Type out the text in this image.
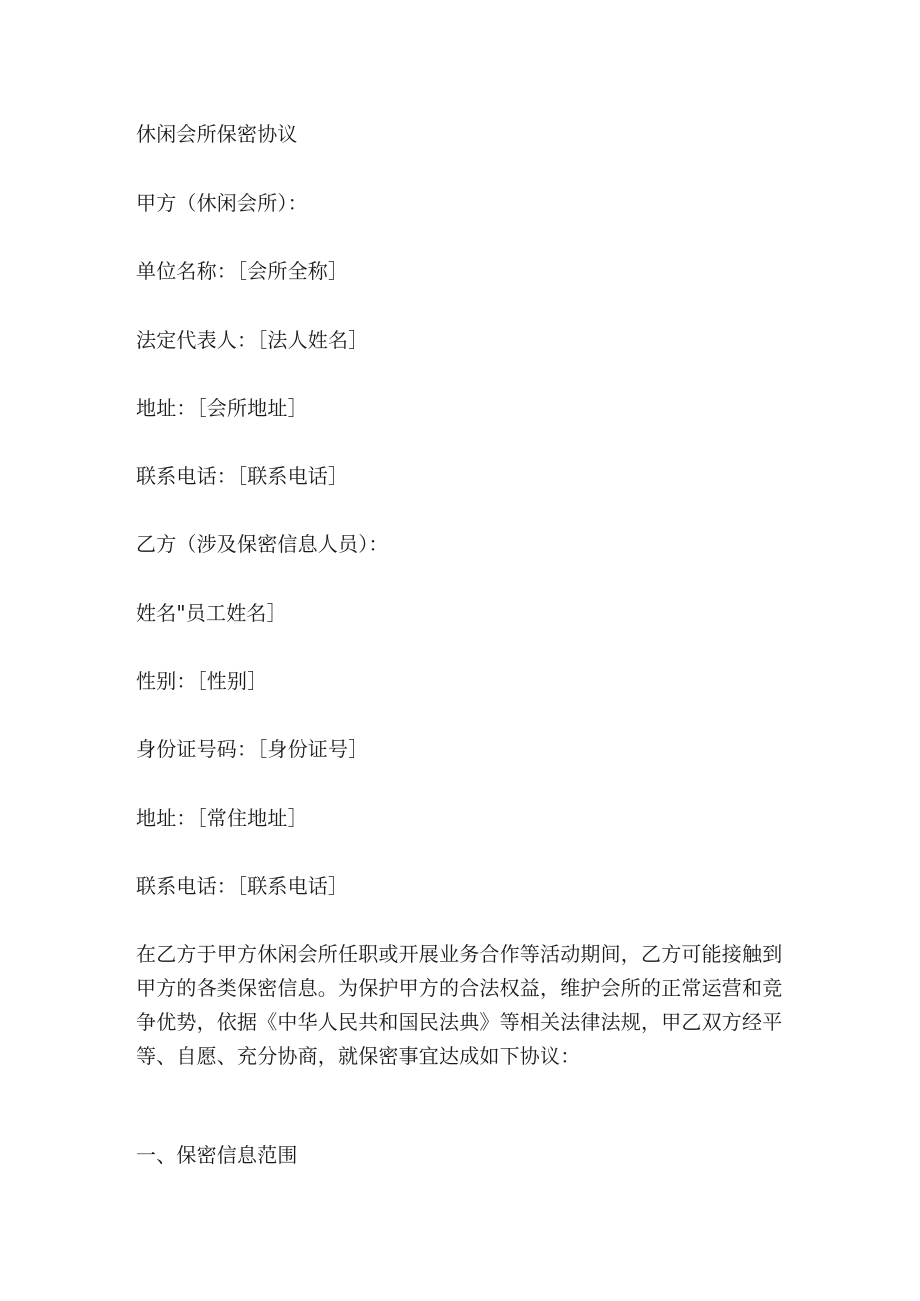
休闲会所保密协议
甲方（休闲会所）：
单位名称：［会所全称］
法定代表人：［法人姓名］
地址：［会所地址］
联系电话：［联系电话］
乙方（涉及保密信息人员）：
姓名"员工姓名］
性别：［性别］
身份证号码：［身份证号］
地址：［常住地址］
联系电话：［联系电话］
在乙方于甲方休闲会所任职或开展业务合作等活动期间，乙方可能接触到
甲方的各类保密信息。为保护甲方的合法权益，维护会所的正常运营和竞
争优势，依据《中华人民共和国民法典》等相关法律法规，甲乙双方经平
等、自愿、充分协商，就保密事宜达成如下协议：
一、保密信息范围
